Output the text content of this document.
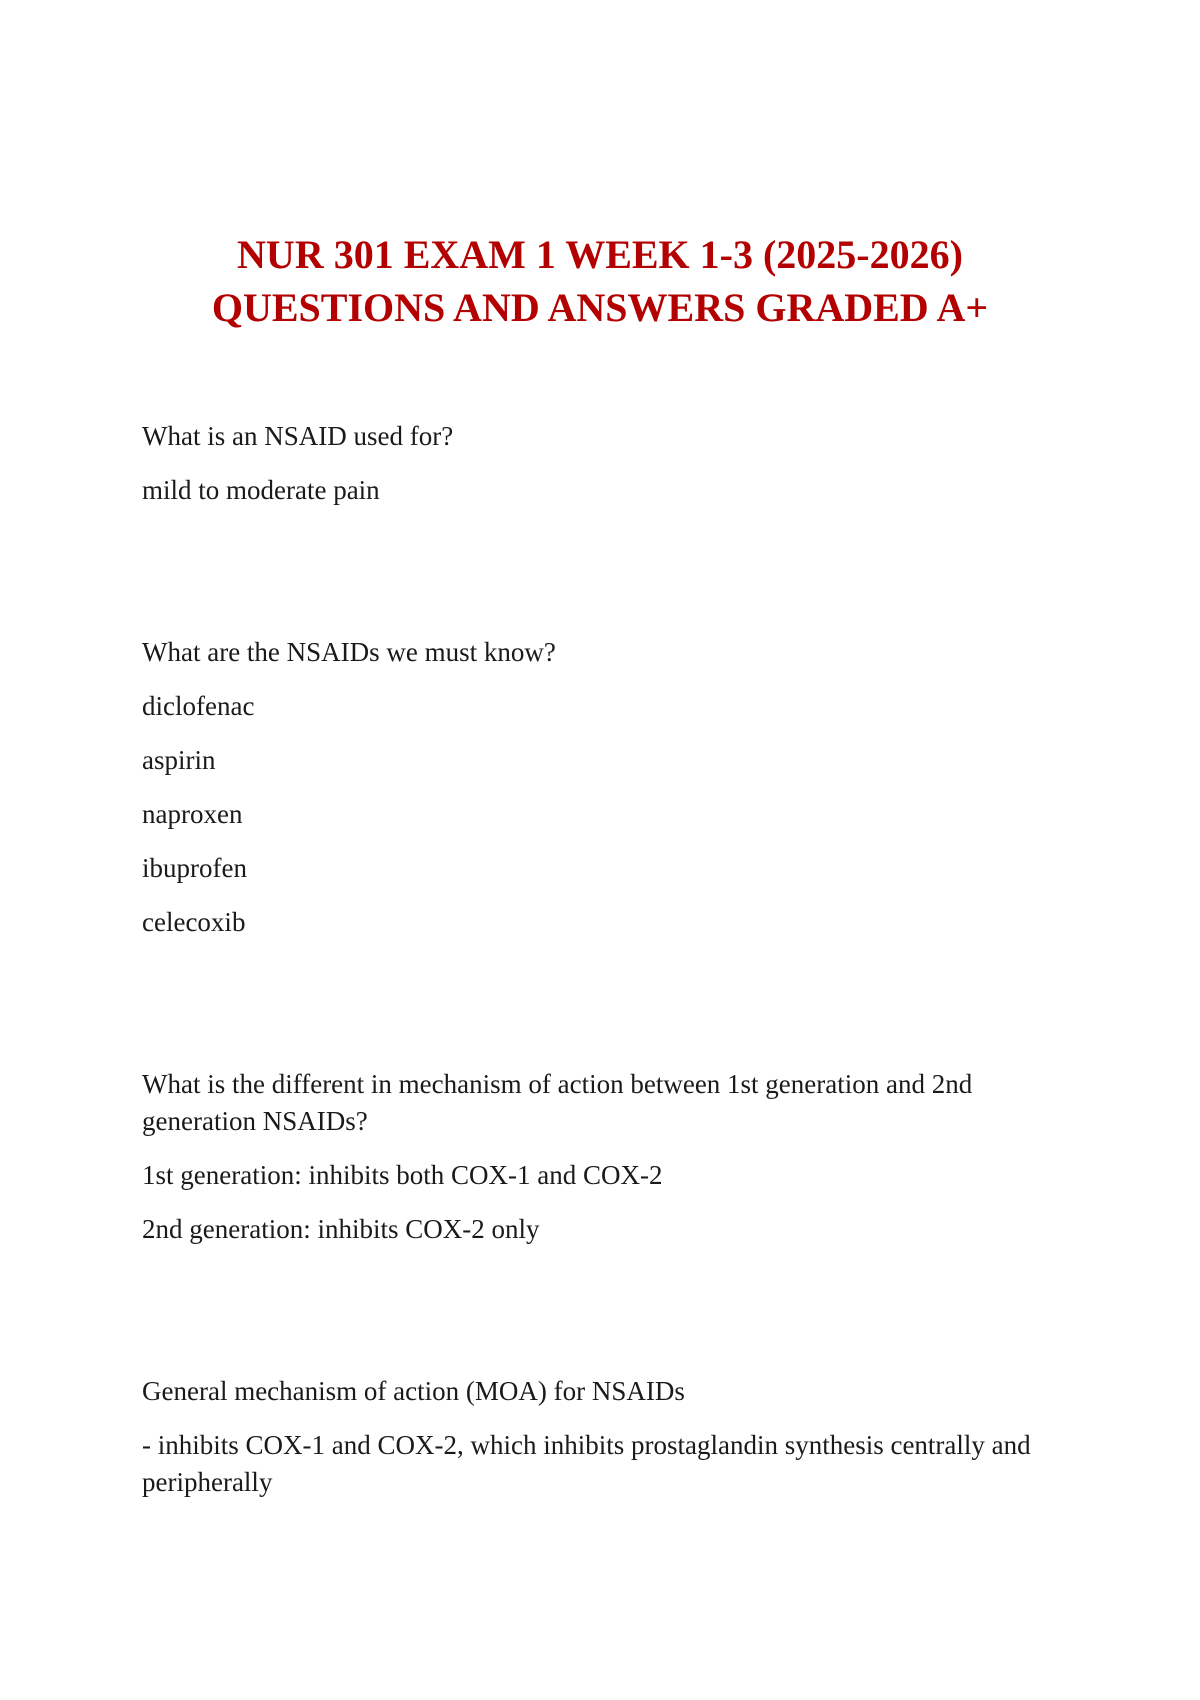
NUR 301 EXAM 1 WEEK 1-3 (2025-2026)
QUESTIONS AND ANSWERS GRADED A+

What is an NSAID used for?

mild to moderate pain

What are the NSAIDs we must know?

diclofenac

aspirin

naproxen

ibuprofen

celecoxib

What is the different in mechanism of action between 1st generation and 2nd generation NSAIDs?

1st generation: inhibits both COX-1 and COX-2

2nd generation: inhibits COX-2 only

General mechanism of action (MOA) for NSAIDs

- inhibits COX-1 and COX-2, which inhibits prostaglandin synthesis centrally and peripherally
